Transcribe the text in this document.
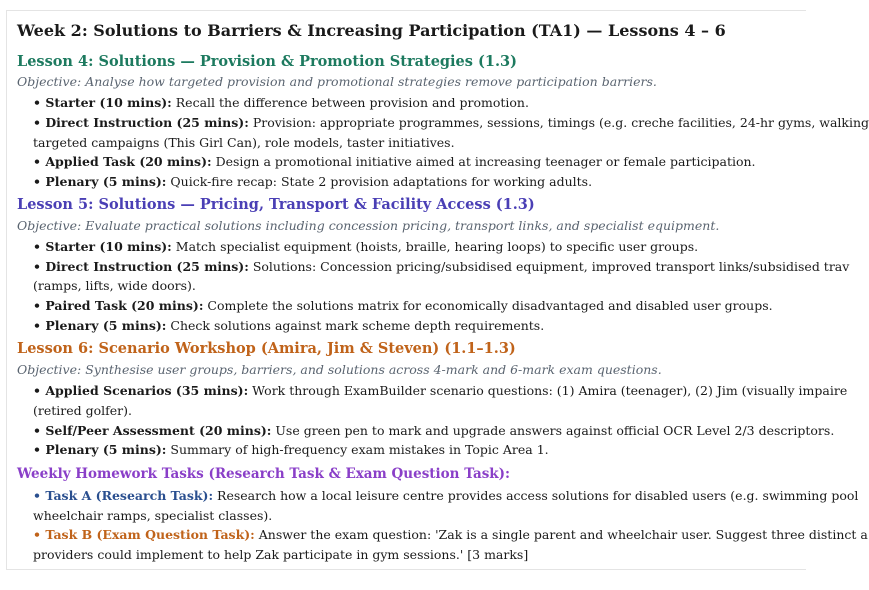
Week 2: Solutions to Barriers & Increasing Participation (TA1) — Lessons 4 – 6
Lesson 4: Solutions — Provision & Promotion Strategies (1.3)
Objective: Analyse how targeted provision and promotional strategies remove participation barriers.
• Starter (10 mins): Recall the difference between provision and promotion.
• Direct Instruction (25 mins): Provision: appropriate programmes, sessions, timings (e.g. creche facilities, 24-hr gyms, walking
targeted campaigns (This Girl Can), role models, taster initiatives.
• Applied Task (20 mins): Design a promotional initiative aimed at increasing teenager or female participation.
• Plenary (5 mins): Quick-fire recap: State 2 provision adaptations for working adults.
Lesson 5: Solutions — Pricing, Transport & Facility Access (1.3)
Objective: Evaluate practical solutions including concession pricing, transport links, and specialist equipment.
• Starter (10 mins): Match specialist equipment (hoists, braille, hearing loops) to specific user groups.
• Direct Instruction (25 mins): Solutions: Concession pricing/subsidised equipment, improved transport links/subsidised trav
(ramps, lifts, wide doors).
• Paired Task (20 mins): Complete the solutions matrix for economically disadvantaged and disabled user groups.
• Plenary (5 mins): Check solutions against mark scheme depth requirements.
Lesson 6: Scenario Workshop (Amira, Jim & Steven) (1.1–1.3)
Objective: Synthesise user groups, barriers, and solutions across 4-mark and 6-mark exam questions.
• Applied Scenarios (35 mins): Work through ExamBuilder scenario questions: (1) Amira (teenager), (2) Jim (visually impaire
(retired golfer).
• Self/Peer Assessment (20 mins): Use green pen to mark and upgrade answers against official OCR Level 2/3 descriptors.
• Plenary (5 mins): Summary of high-frequency exam mistakes in Topic Area 1.
Weekly Homework Tasks (Research Task & Exam Question Task):
• Task A (Research Task): Research how a local leisure centre provides access solutions for disabled users (e.g. swimming pool
wheelchair ramps, specialist classes).
• Task B (Exam Question Task): Answer the exam question: 'Zak is a single parent and wheelchair user. Suggest three distinct a
providers could implement to help Zak participate in gym sessions.' [3 marks]
